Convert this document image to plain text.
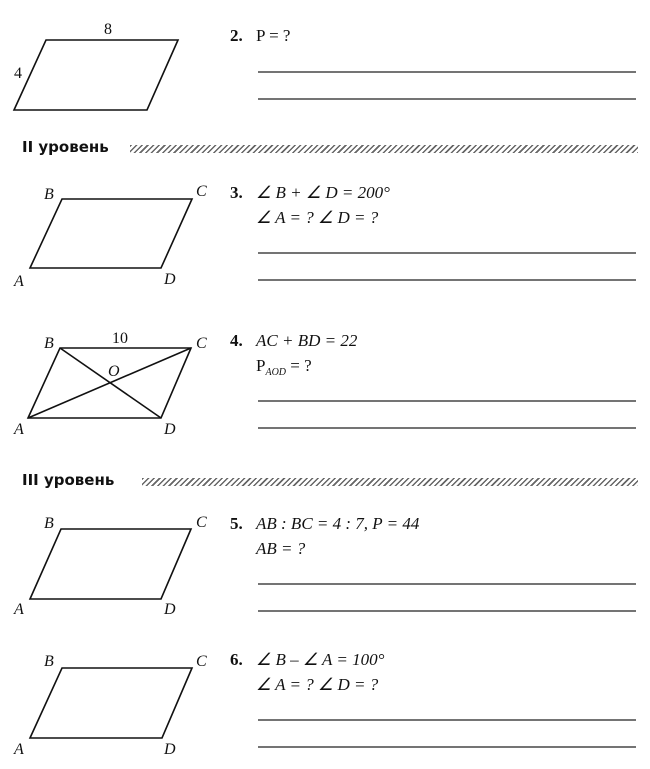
8
4
B	C
A	D
10
B	C
A	D
O
B	C
A	D
B	C
A	D
2. P = ?
II уровень
3. ∠ B + ∠ D = 200°
∠ A = ? ∠ D = ?
4. AC + BD = 22
$P_{AOD}$ = ?
III уровень
5. AB : BC = 4 : 7, P = 44
AB = ?
6. ∠ B – ∠ A = 100°
∠ A = ? ∠ D = ?
